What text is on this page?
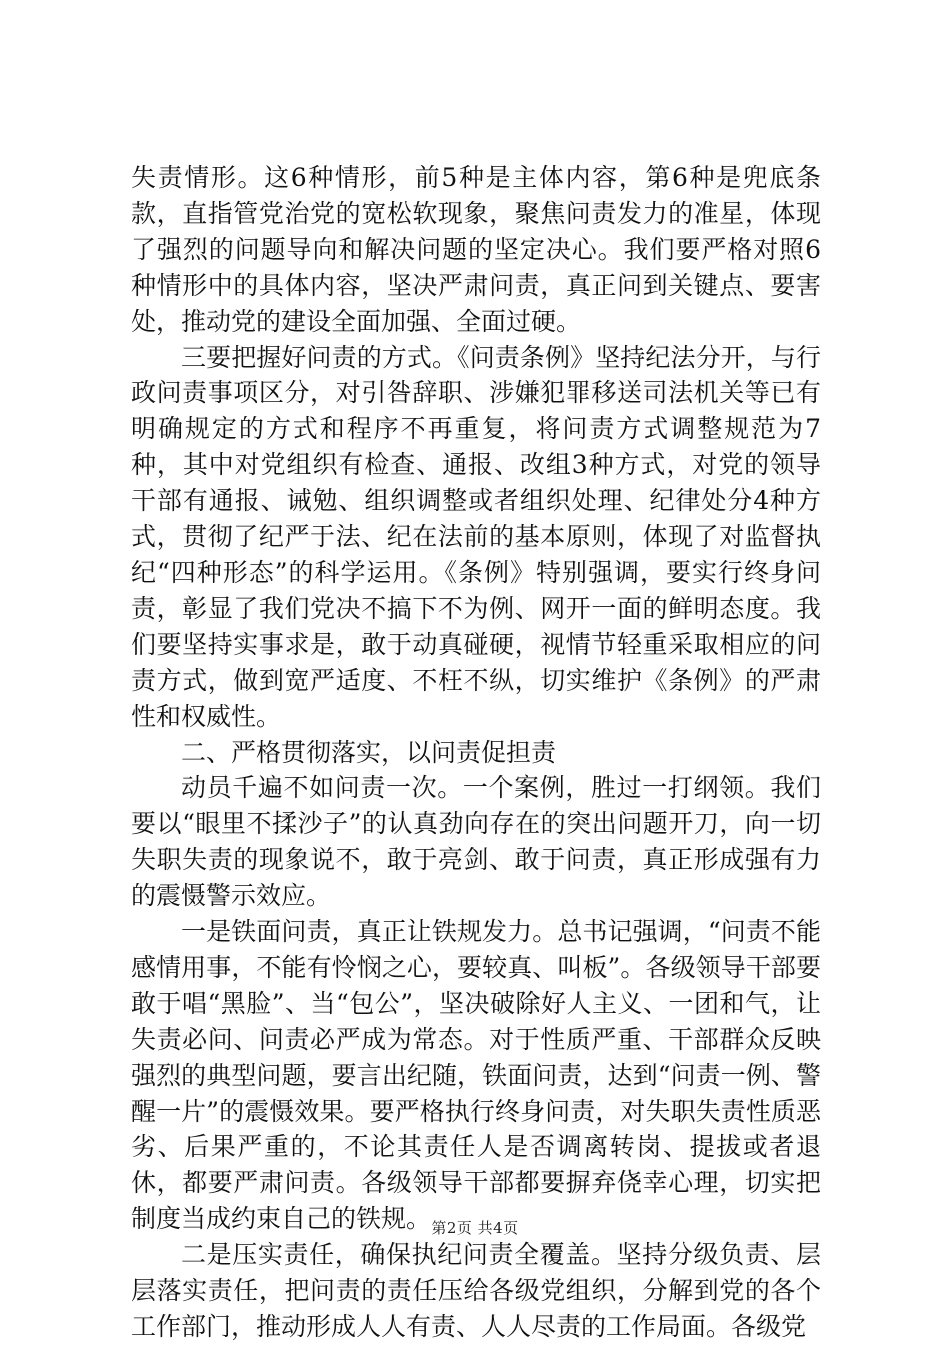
失责情形。这6种情形，前5种是主体内容，第6种是兜底条款，直指管党治党的宽松软现象，聚焦问责发力的准星，体现了强烈的问题导向和解决问题的坚定决心。我们要严格对照6种情形中的具体内容，坚决严肃问责，真正问到关键点、要害处，推动党的建设全面加强、全面过硬。

三要把握好问责的方式。《问责条例》坚持纪法分开，与行政问责事项区分，对引咎辞职、涉嫌犯罪移送司法机关等已有明确规定的方式和程序不再重复，将问责方式调整规范为7种，其中对党组织有检查、通报、改组3种方式，对党的领导干部有通报、诫勉、组织调整或者组织处理、纪律处分4种方式，贯彻了纪严于法、纪在法前的基本原则，体现了对监督执纪“四种形态”的科学运用。《条例》特别强调，要实行终身问责，彰显了我们党决不搞下不为例、网开一面的鲜明态度。我们要坚持实事求是，敢于动真碰硬，视情节轻重采取相应的问责方式，做到宽严适度、不枉不纵，切实维护《条例》的严肃性和权威性。

二、严格贯彻落实，以问责促担责

动员千遍不如问责一次。一个案例，胜过一打纲领。我们要以“眼里不揉沙子”的认真劲向存在的突出问题开刀，向一切失职失责的现象说不，敢于亮剑、敢于问责，真正形成强有力的震慑警示效应。

一是铁面问责，真正让铁规发力。总书记强调，“问责不能感情用事，不能有怜悯之心，要较真、叫板”。各级领导干部要敢于唱“黑脸”、当“包公”，坚决破除好人主义、一团和气，让失责必问、问责必严成为常态。对于性质严重、干部群众反映强烈的典型问题，要言出纪随，铁面问责，达到“问责一例、警醒一片”的震慑效果。要严格执行终身问责，对失职失责性质恶劣、后果严重的，不论其责任人是否调离转岗、提拔或者退休，都要严肃问责。各级领导干部都要摒弃侥幸心理，切实把制度当成约束自己的铁规。

二是压实责任，确保执纪问责全覆盖。坚持分级负责、层层落实责任，把问责的责任压给各级党组织，分解到党的各个工作部门，推动形成人人有责、人人尽责的工作局面。各级党

第2页 共4页
